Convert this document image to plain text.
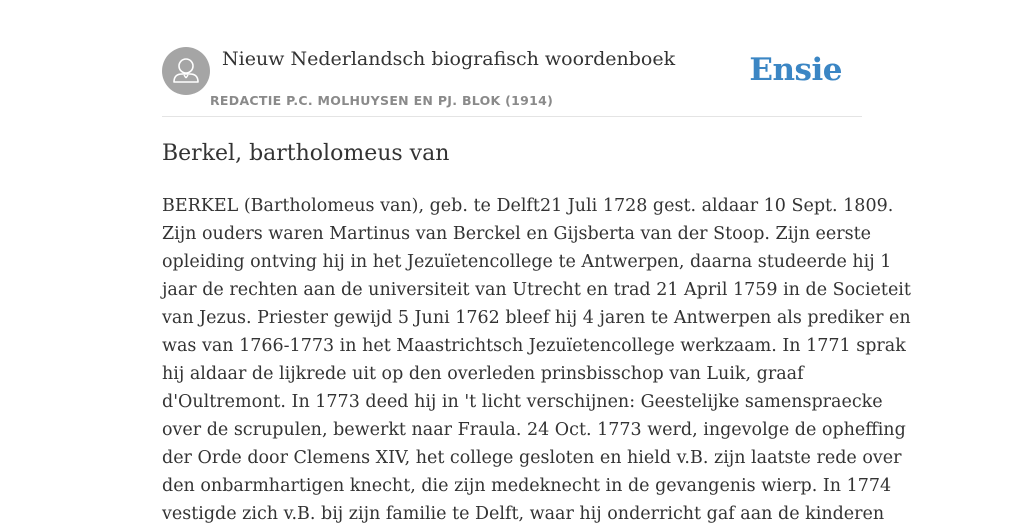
Nieuw Nederlandsch biografisch woordenboek
REDACTIE P.C. MOLHUYSEN EN PJ. BLOK (1914)
Ensie
Berkel, bartholomeus van
BERKEL (Bartholomeus van), geb. te Delft21 Juli 1728 gest. aldaar 10 Sept. 1809.
Zijn ouders waren Martinus van Berckel en Gijsberta van der Stoop. Zijn eerste
opleiding ontving hij in het Jezuïetencollege te Antwerpen, daarna studeerde hij 1
jaar de rechten aan de universiteit van Utrecht en trad 21 April 1759 in de Societeit
van Jezus. Priester gewijd 5 Juni 1762 bleef hij 4 jaren te Antwerpen als prediker en
was van 1766-1773 in het Maastrichtsch Jezuïetencollege werkzaam. In 1771 sprak
hij aldaar de lijkrede uit op den overleden prinsbisschop van Luik, graaf
d'Oultremont. In 1773 deed hij in 't licht verschijnen: Geestelijke samenspraecke
over de scrupulen, bewerkt naar Fraula. 24 Oct. 1773 werd, ingevolge de opheffing
der Orde door Clemens XIV, het college gesloten en hield v.B. zijn laatste rede over
den onbarmhartigen knecht, die zijn medeknecht in de gevangenis wierp. In 1774
vestigde zich v.B. bij zijn familie te Delft, waar hij onderricht gaf aan de kinderen
